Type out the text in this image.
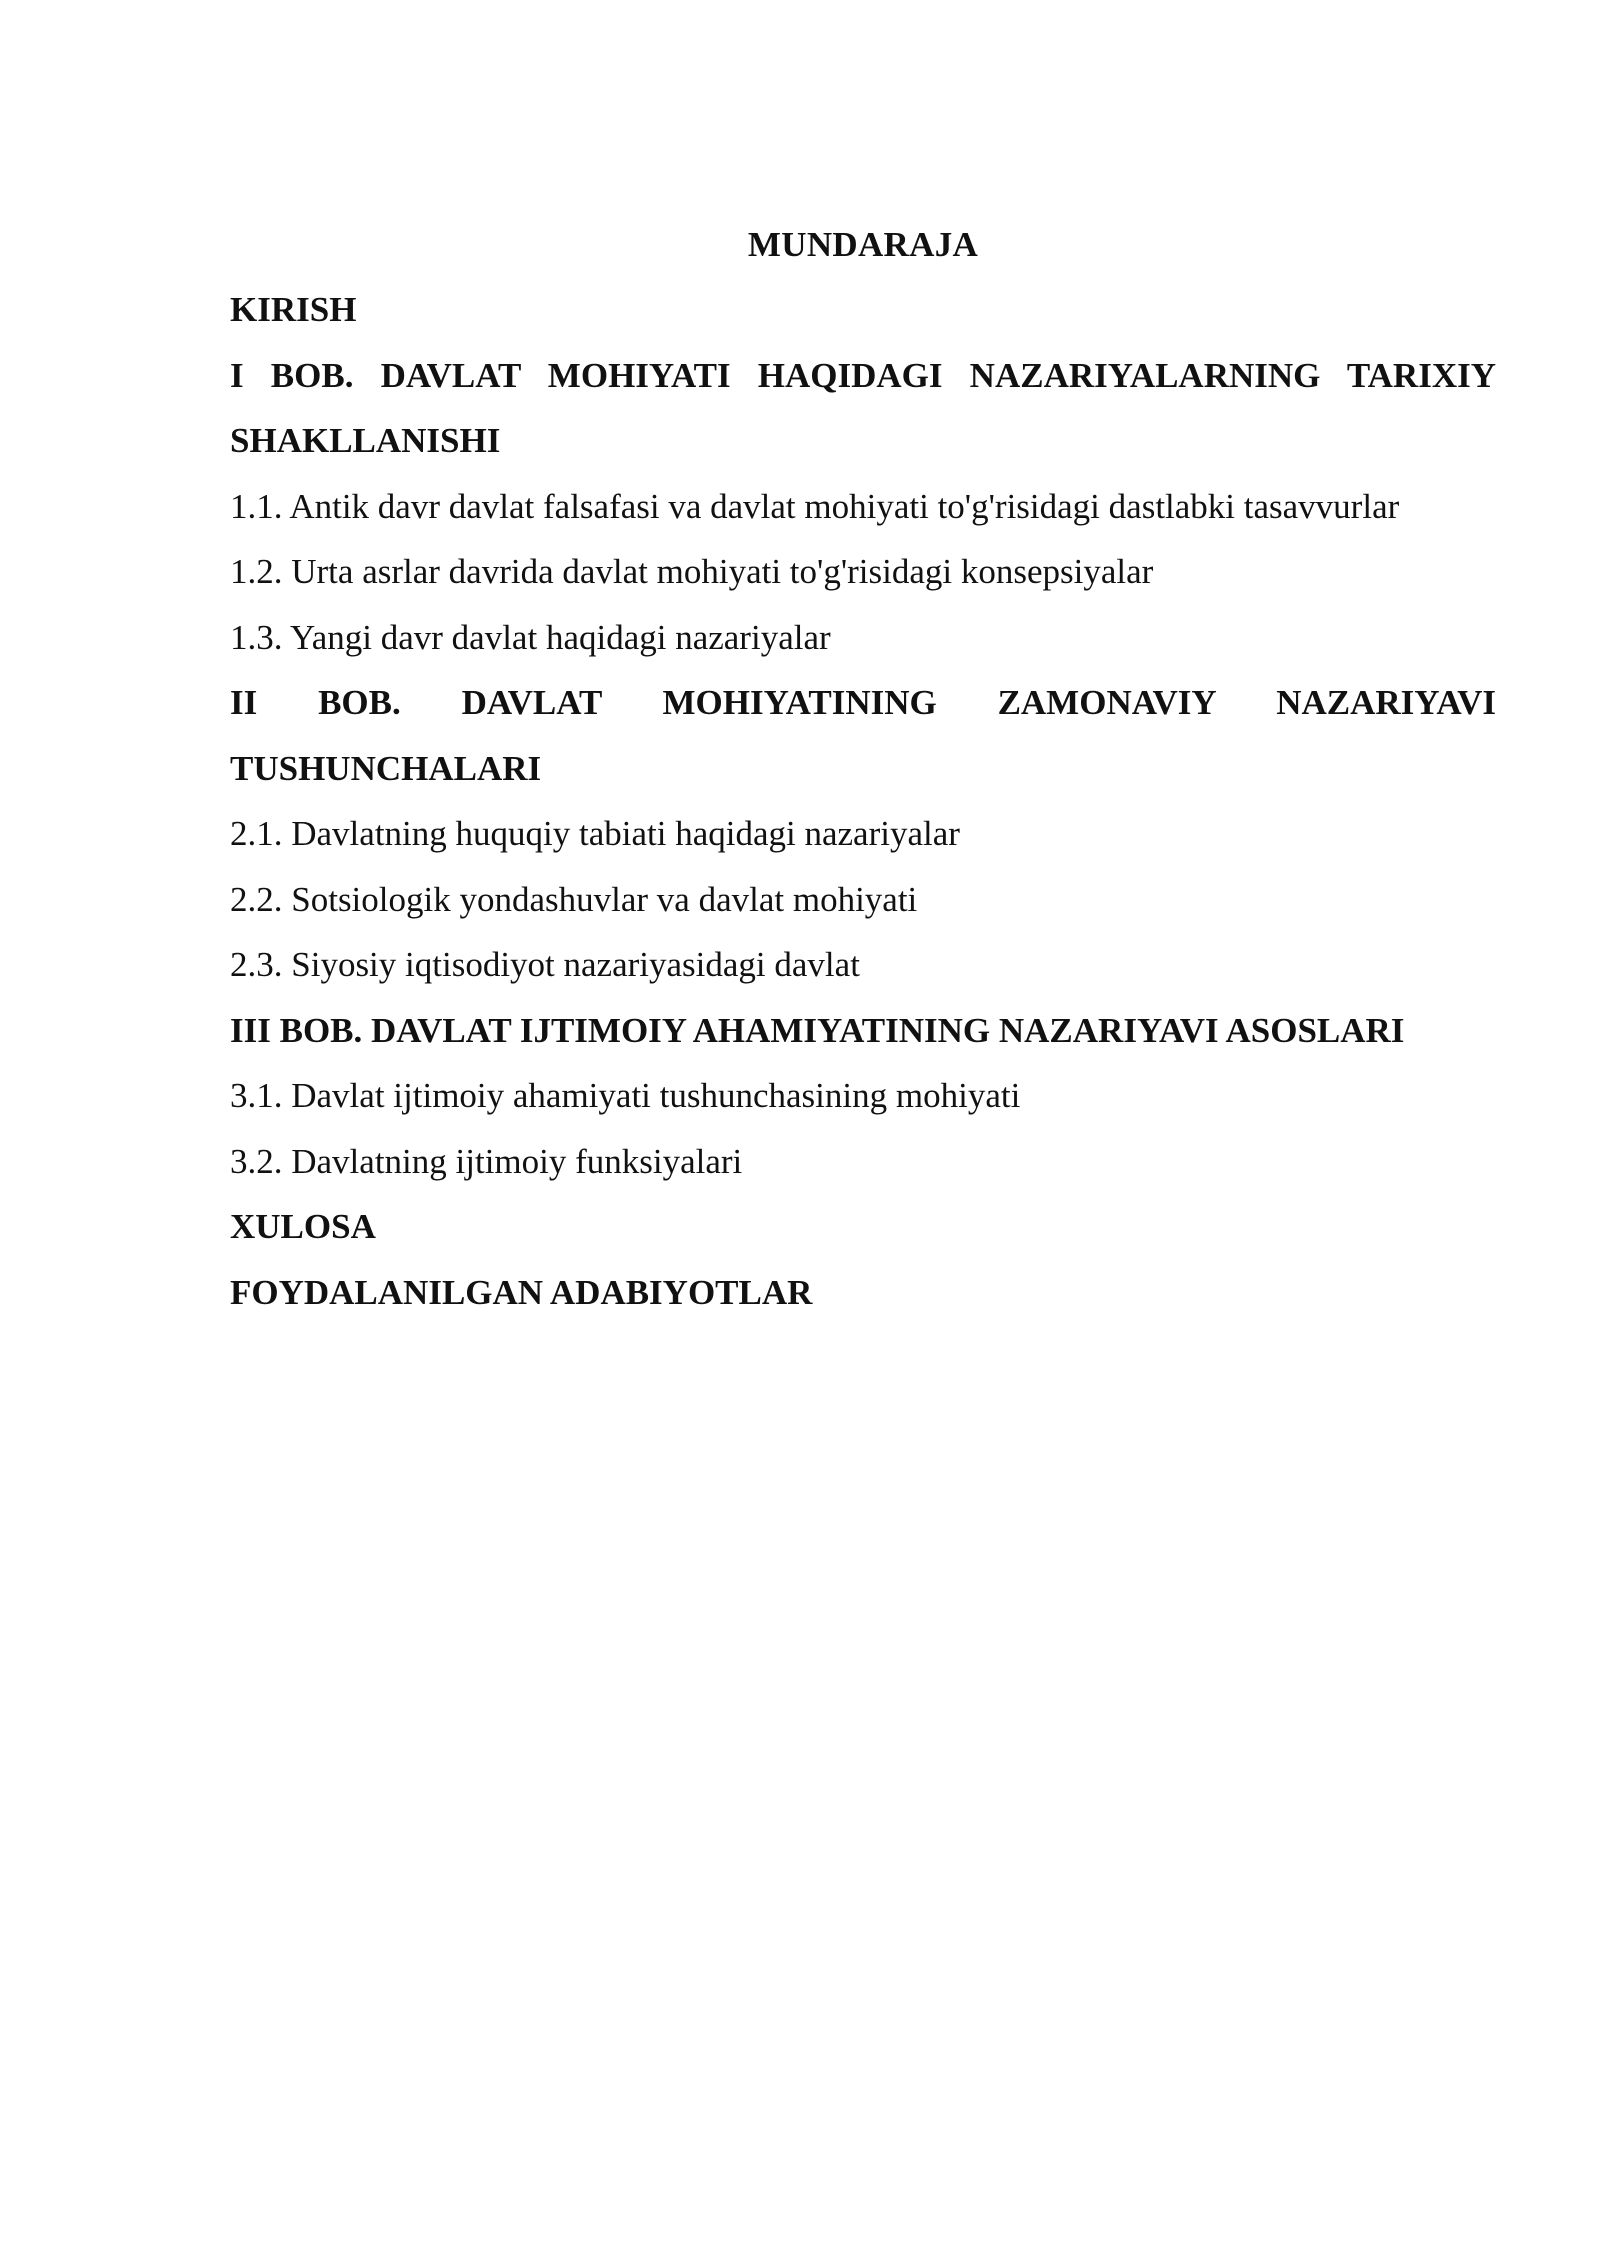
MUNDARAJA

KIRISH

I BOB. DAVLAT MOHIYATI HAQIDAGI NAZARIYALARNING TARIXIY SHAKLLANISHI

1.1. Antik davr davlat falsafasi va davlat mohiyati to'g'risidagi dastlabki tasavvurlar

1.2. Urta asrlar davrida davlat mohiyati to'g'risidagi konsepsiyalar

1.3. Yangi davr davlat haqidagi nazariyalar

II BOB. DAVLAT MOHIYATINING ZAMONAVIY NAZARIYAVI TUSHUNCHALARI

2.1. Davlatning huquqiy tabiati haqidagi nazariyalar

2.2. Sotsiologik yondashuvlar va davlat mohiyati

2.3. Siyosiy iqtisodiyot nazariyasidagi davlat

III BOB. DAVLAT IJTIMOIY AHAMIYATINING NAZARIYAVI ASOSLARI

3.1. Davlat ijtimoiy ahamiyati tushunchasining mohiyati

3.2. Davlatning ijtimoiy funksiyalari

XULOSA

FOYDALANILGAN ADABIYOTLAR
